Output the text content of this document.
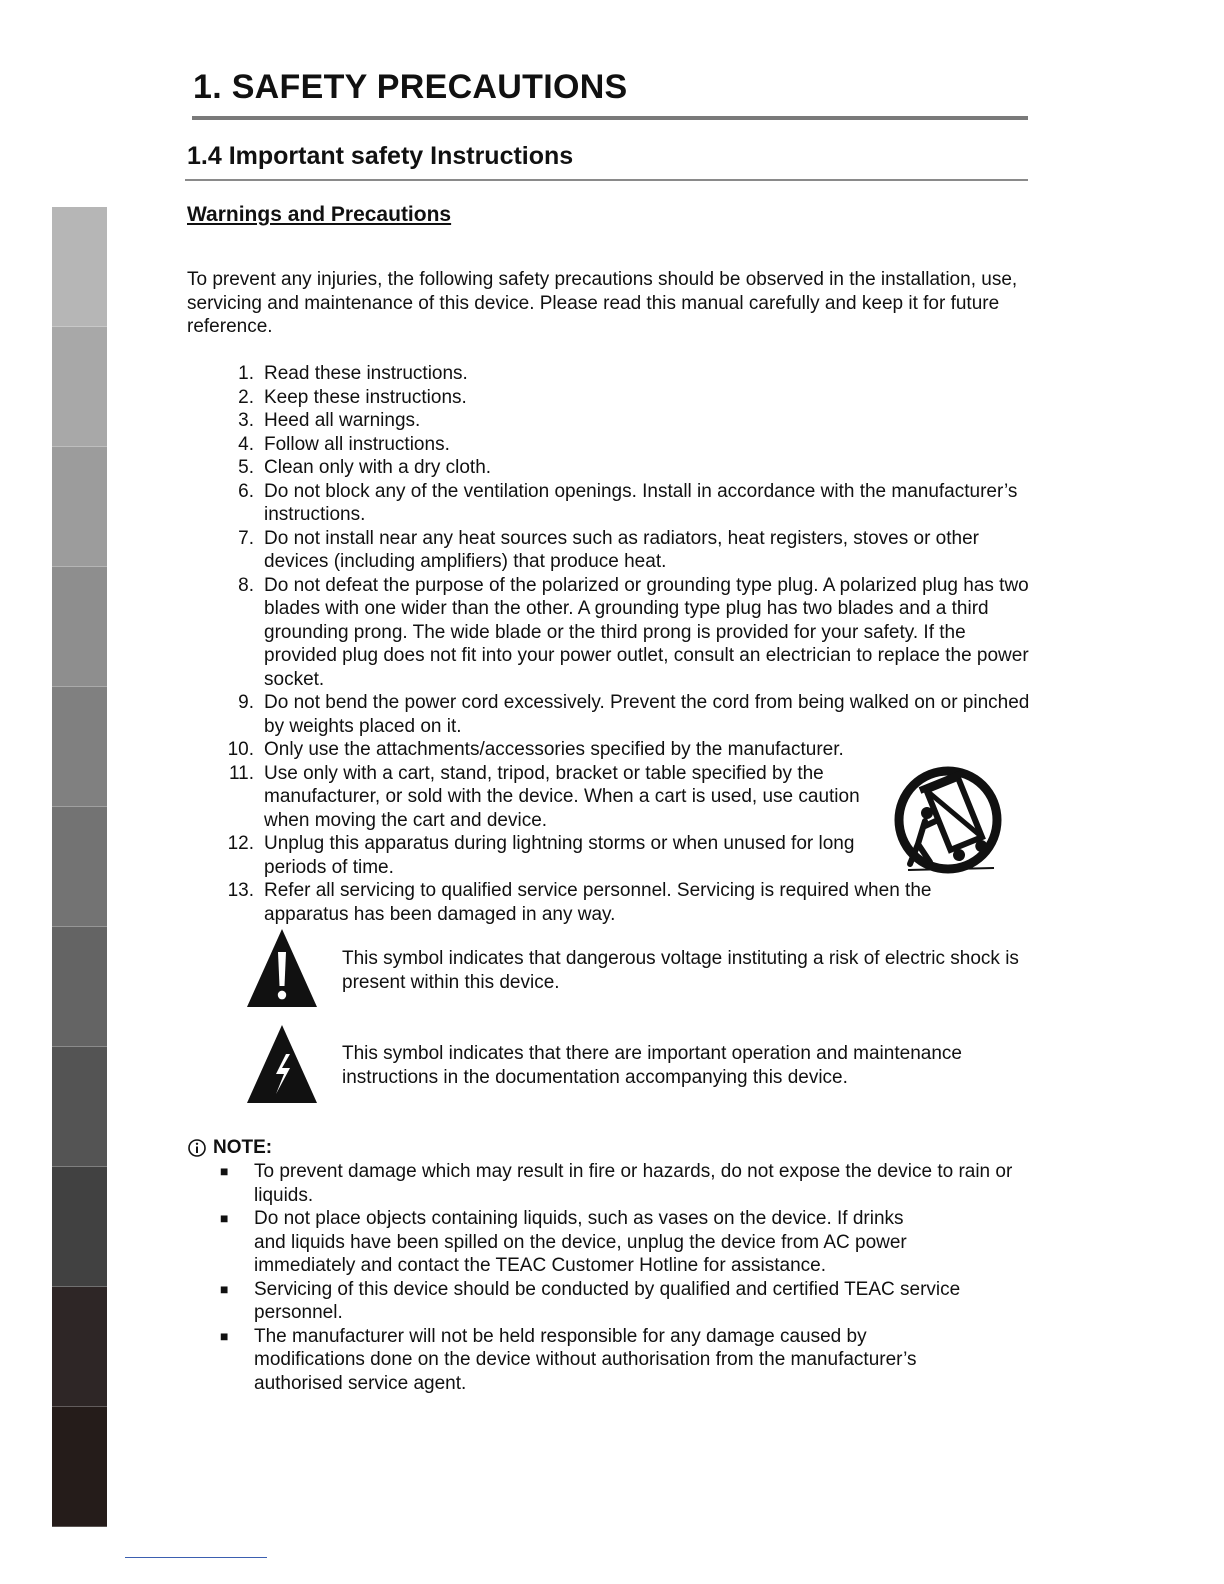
1. SAFETY PRECAUTIONS
1.4 Important safety Instructions
Warnings and Precautions

To prevent any injuries, the following safety precautions should be observed in the installation, use, servicing and maintenance of this device. Please read this manual carefully and keep it for future reference.

1. Read these instructions.
2. Keep these instructions.
3. Heed all warnings.
4. Follow all instructions.
5. Clean only with a dry cloth.
6. Do not block any of the ventilation openings. Install in accordance with the manufacturer’s instructions.
7. Do not install near any heat sources such as radiators, heat registers, stoves or other devices (including amplifiers) that produce heat.
8. Do not defeat the purpose of the polarized or grounding type plug. A polarized plug has two blades with one wider than the other. A grounding type plug has two blades and a third grounding prong. The wide blade or the third prong is provided for your safety. If the provided plug does not fit into your power outlet, consult an electrician to replace the power socket.
9. Do not bend the power cord excessively. Prevent the cord from being walked on or pinched by weights placed on it.
10. Only use the attachments/accessories specified by the manufacturer.
11. Use only with a cart, stand, tripod, bracket or table specified by the manufacturer, or sold with the device. When a cart is used, use caution when moving the cart and device.
12. Unplug this apparatus during lightning storms or when unused for long periods of time.
13. Refer all servicing to qualified service personnel. Servicing is required when the apparatus has been damaged in any way.

This symbol indicates that dangerous voltage instituting a risk of electric shock is present within this device.

This symbol indicates that there are important operation and maintenance instructions in the documentation accompanying this device.

NOTE:
■	To prevent damage which may result in fire or hazards, do not expose the device to rain or liquids.
■	Do not place objects containing liquids, such as vases on the device. If drinks and liquids have been spilled on the device, unplug the device from AC power immediately and contact the TEAC Customer Hotline for assistance.
■	Servicing of this device should be conducted by qualified and certified TEAC service personnel.
■	The manufacturer will not be held responsible for any damage caused by modifications done on the device without authorisation from the manufacturer’s authorised service agent.
